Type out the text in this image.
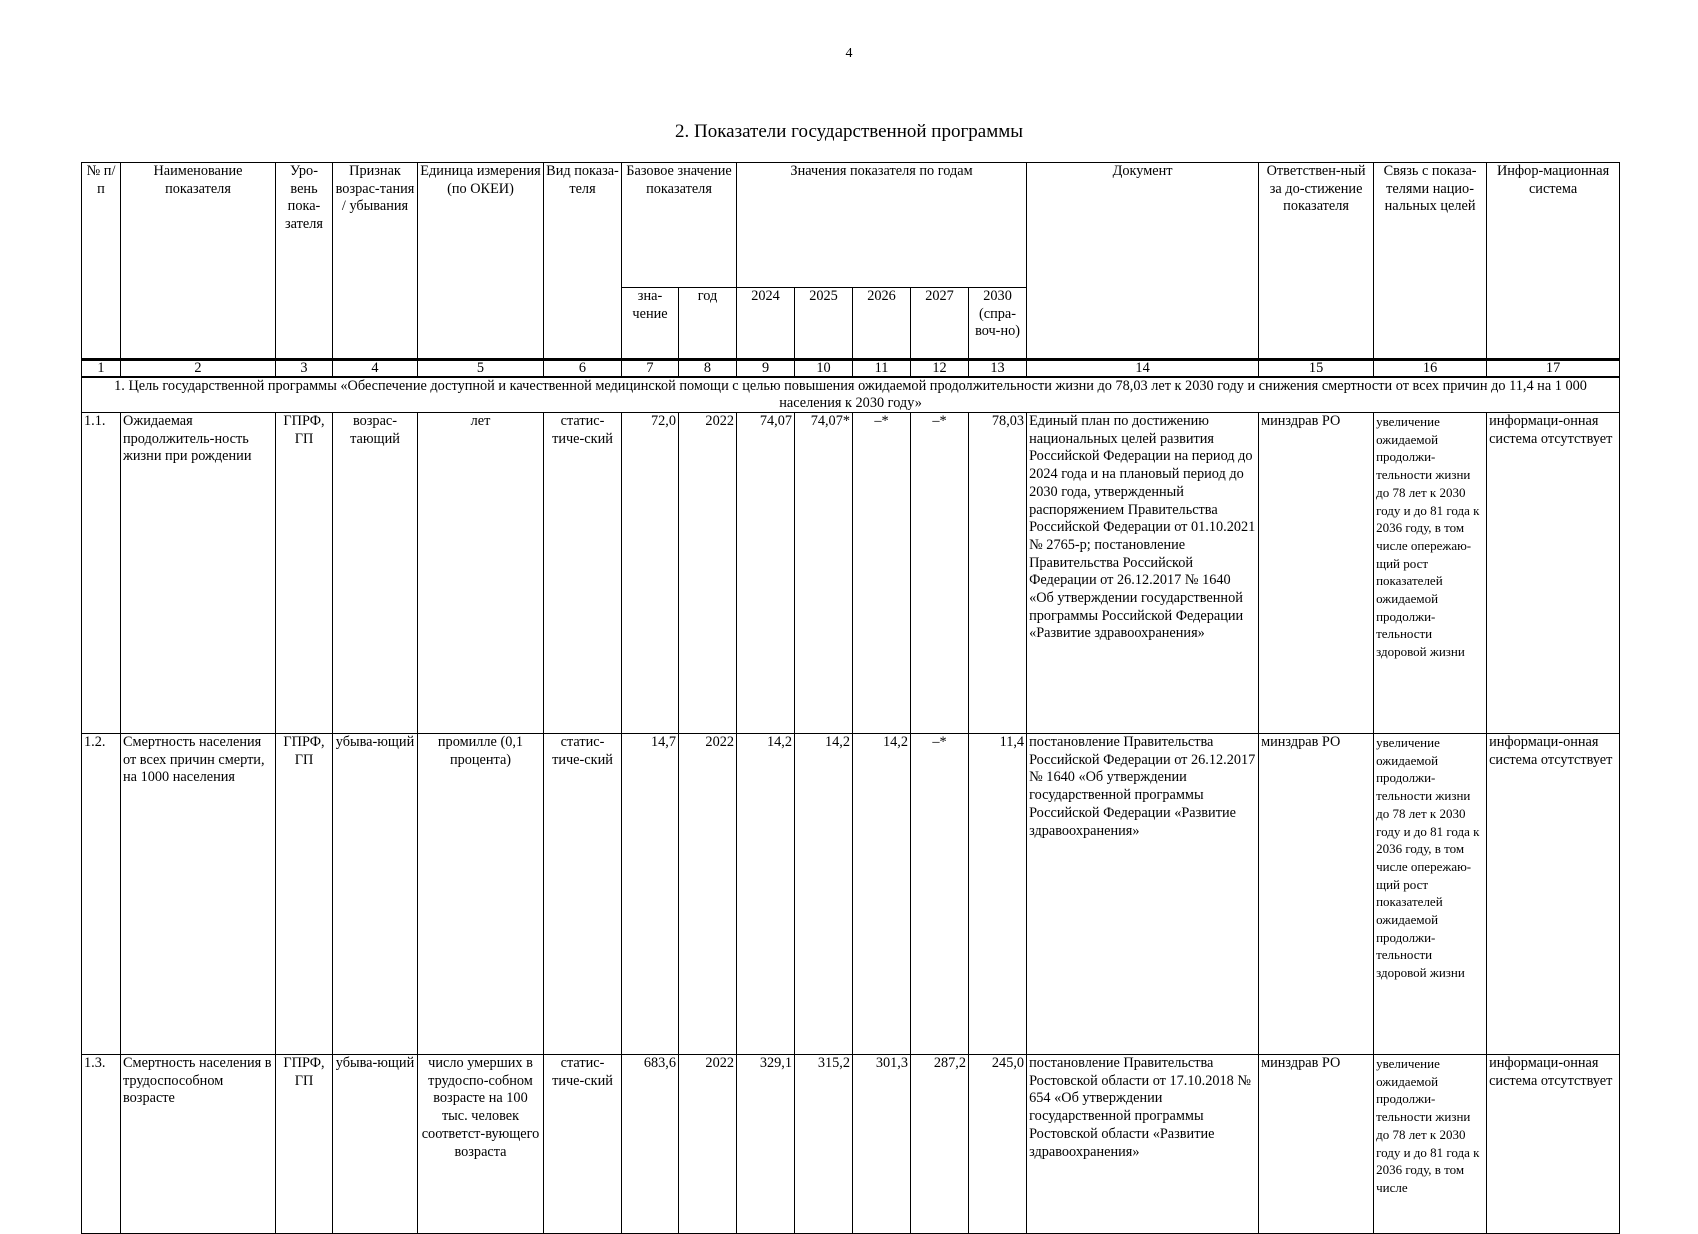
4
2. Показатели государственной программы
№ п/п	Наименование показателя	Уро-вень пока-зателя	Признак возрас-тания / убывания	Единица измерения (по ОКЕИ)	Вид показа-теля	Базовое значение показателя		Значения показателя по годам					Документ	Ответствен-ный за до-стижение показателя	Связь с показа-телями нацио-нальных целей	Инфор-мационная система
						зна-чение	год	2024	2025	2026	2027	2030 (спра-воч-но)				
1	2	3	4	5	6	7	8	9	10	11	12	13	14	15	16	17
1. Цель государственной программы «Обеспечение доступной и качественной медицинской помощи с целью повышения ожидаемой продолжительности жизни до 78,03 лет к 2030 году и снижения смертности от всех причин до 11,4 на 1 000 населения к 2030 году»																
1.1.	Ожидаемая продолжитель-ность жизни при рождении	ГПРФ, ГП	возрас-тающий	лет	статис-тиче-ский	72,0	2022	74,07	74,07*	–*	–*	78,03	Единый план по достижению национальных целей развития Российской Федерации на период до 2024 года и на плановый период до 2030 года, утвержденный распоряжением Правительства Российской Федерации от 01.10.2021 № 2765-р; постановление Правительства Российской Федерации от 26.12.2017 № 1640 «Об утверждении государственной программы Российской Федерации «Развитие здравоохранения»	минздрав РО	увеличение ожидаемой продолжи-тельности жизни до 78 лет к 2030 году и до 81 года к 2036 году, в том числе опережаю-щий рост показателей ожидаемой продолжи-тельности здоровой жизни	информаци-онная система отсутствует
1.2.	Смертность населения от всех причин смерти, на 1000 населения	ГПРФ, ГП	убыва-ющий	промилле (0,1 процента)	статис-тиче-ский	14,7	2022	14,2	14,2	14,2	–*	11,4	постановление Правительства Российской Федерации от 26.12.2017 № 1640 «Об утверждении государственной программы Российской Федерации «Развитие здравоохранения»	минздрав РО	увеличение ожидаемой продолжи-тельности жизни до 78 лет к 2030 году и до 81 года к 2036 году, в том числе опережаю-щий рост показателей ожидаемой продолжи-тельности здоровой жизни	информаци-онная система отсутствует
1.3.	Смертность населения в трудоспособном возрасте	ГПРФ, ГП	убыва-ющий	число умерших в трудоспо-собном возрасте на 100 тыс. человек соответст-вующего возраста	статис-тиче-ский	683,6	2022	329,1	315,2	301,3	287,2	245,0	постановление Правительства Ростовской области от 17.10.2018 № 654 «Об утверждении государственной программы Ростовской области «Развитие здравоохранения»	минздрав РО	увеличение ожидаемой продолжи-тельности жизни до 78 лет к 2030 году и до 81 года к 2036 году, в том числе	информаци-онная система отсутствует
